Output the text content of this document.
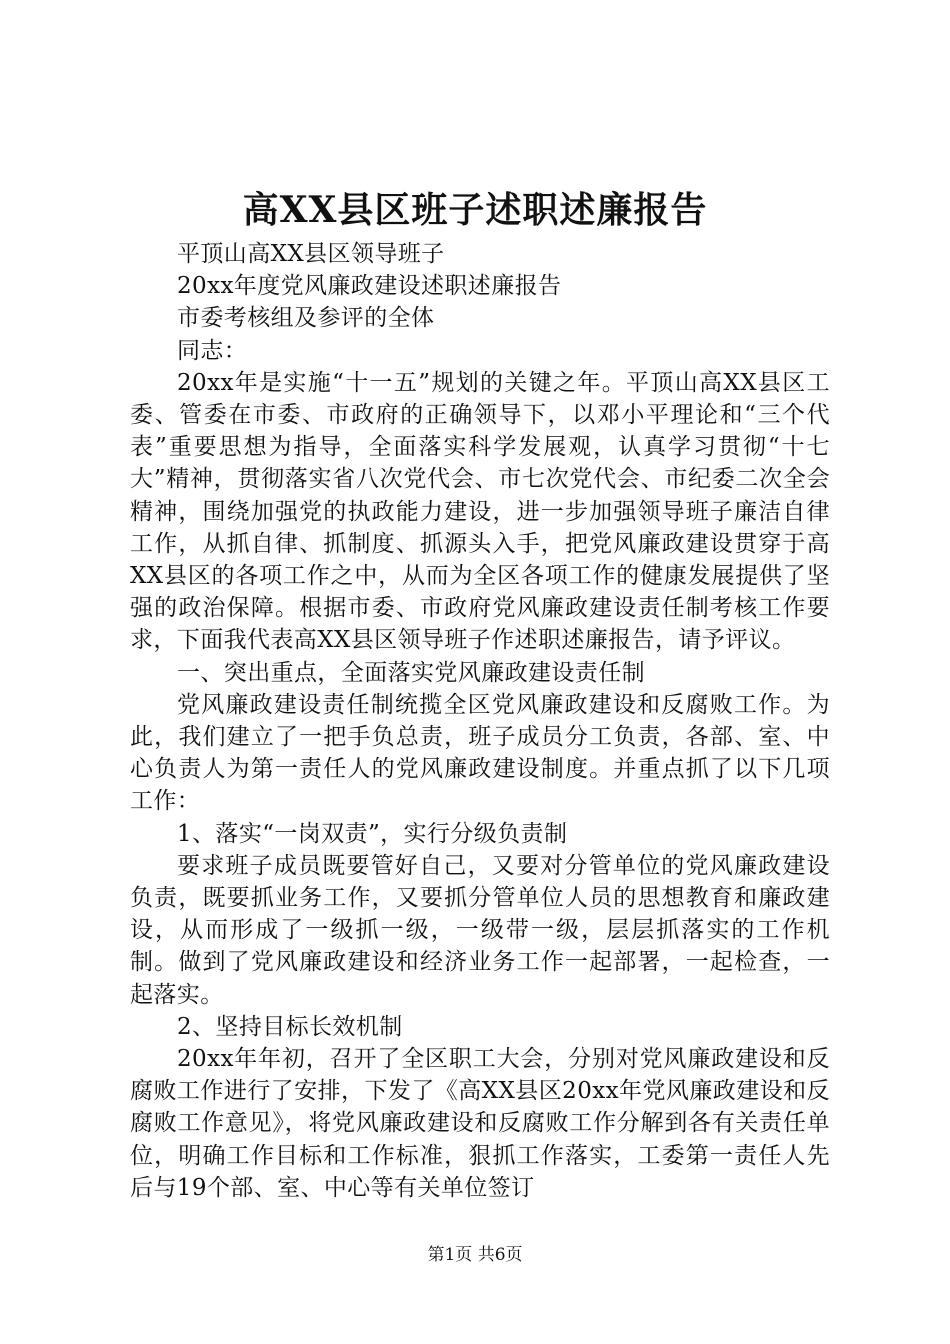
高XX县区班子述职述廉报告

平顶山高XX县区领导班子

20xx年度党风廉政建设述职述廉报告

市委考核组及参评的全体

同志：

20xx年是实施“十一五”规划的关键之年。平顶山高XX县区工委、管委在市委、市政府的正确领导下，以邓小平理论和“三个代表”重要思想为指导，全面落实科学发展观，认真学习贯彻“十七大”精神，贯彻落实省八次党代会、市七次党代会、市纪委二次全会精神，围绕加强党的执政能力建设，进一步加强领导班子廉洁自律工作，从抓自律、抓制度、抓源头入手，把党风廉政建设贯穿于高XX县区的各项工作之中，从而为全区各项工作的健康发展提供了坚强的政治保障。根据市委、市政府党风廉政建设责任制考核工作要求，下面我代表高XX县区领导班子作述职述廉报告，请予评议。

一、突出重点，全面落实党风廉政建设责任制

党风廉政建设责任制统揽全区党风廉政建设和反腐败工作。为此，我们建立了一把手负总责，班子成员分工负责，各部、室、中心负责人为第一责任人的党风廉政建设制度。并重点抓了以下几项工作：

1、落实“一岗双责”，实行分级负责制

要求班子成员既要管好自己，又要对分管单位的党风廉政建设负责，既要抓业务工作，又要抓分管单位人员的思想教育和廉政建设，从而形成了一级抓一级，一级带一级，层层抓落实的工作机制。做到了党风廉政建设和经济业务工作一起部署，一起检查，一起落实。

2、坚持目标长效机制

20xx年年初，召开了全区职工大会，分别对党风廉政建设和反腐败工作进行了安排，下发了《高XX县区20xx年党风廉政建设和反腐败工作意见》，将党风廉政建设和反腐败工作分解到各有关责任单位，明确工作目标和工作标准，狠抓工作落实，工委第一责任人先后与19个部、室、中心等有关单位签订

第1页 共6页
